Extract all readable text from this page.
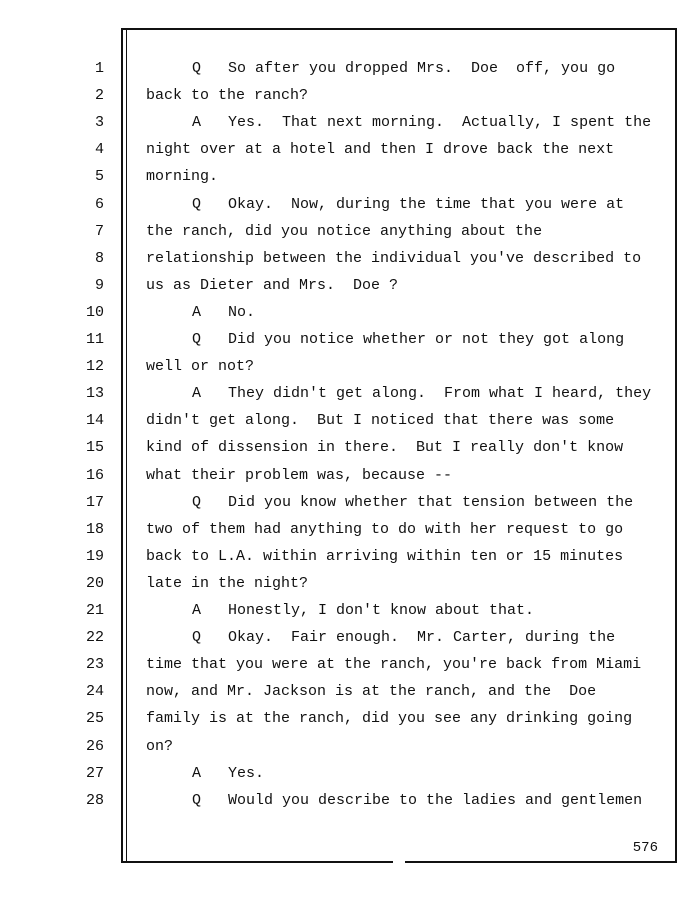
1	Q   So after you dropped Mrs.  Doe  off, you go
2	back to the ranch?
3	A   Yes.  That next morning.  Actually, I spent the
4	night over at a hotel and then I drove back the next
5	morning.
6	Q   Okay.  Now, during the time that you were at
7	the ranch, did you notice anything about the
8	relationship between the individual you've described to
9	us as Dieter and Mrs.  Doe ?
10	A   No.
11	Q   Did you notice whether or not they got along
12	well or not?
13	A   They didn't get along.  From what I heard, they
14	didn't get along.  But I noticed that there was some
15	kind of dissension in there.  But I really don't know
16	what their problem was, because --
17	Q   Did you know whether that tension between the
18	two of them had anything to do with her request to go
19	back to L.A. within arriving within ten or 15 minutes
20	late in the night?
21	A   Honestly, I don't know about that.
22	Q   Okay.  Fair enough.  Mr. Carter, during the
23	time that you were at the ranch, you're back from Miami
24	now, and Mr. Jackson is at the ranch, and the  Doe
25	family is at the ranch, did you see any drinking going
26	on?
27	A   Yes.
28	Q   Would you describe to the ladies and gentlemen
576
